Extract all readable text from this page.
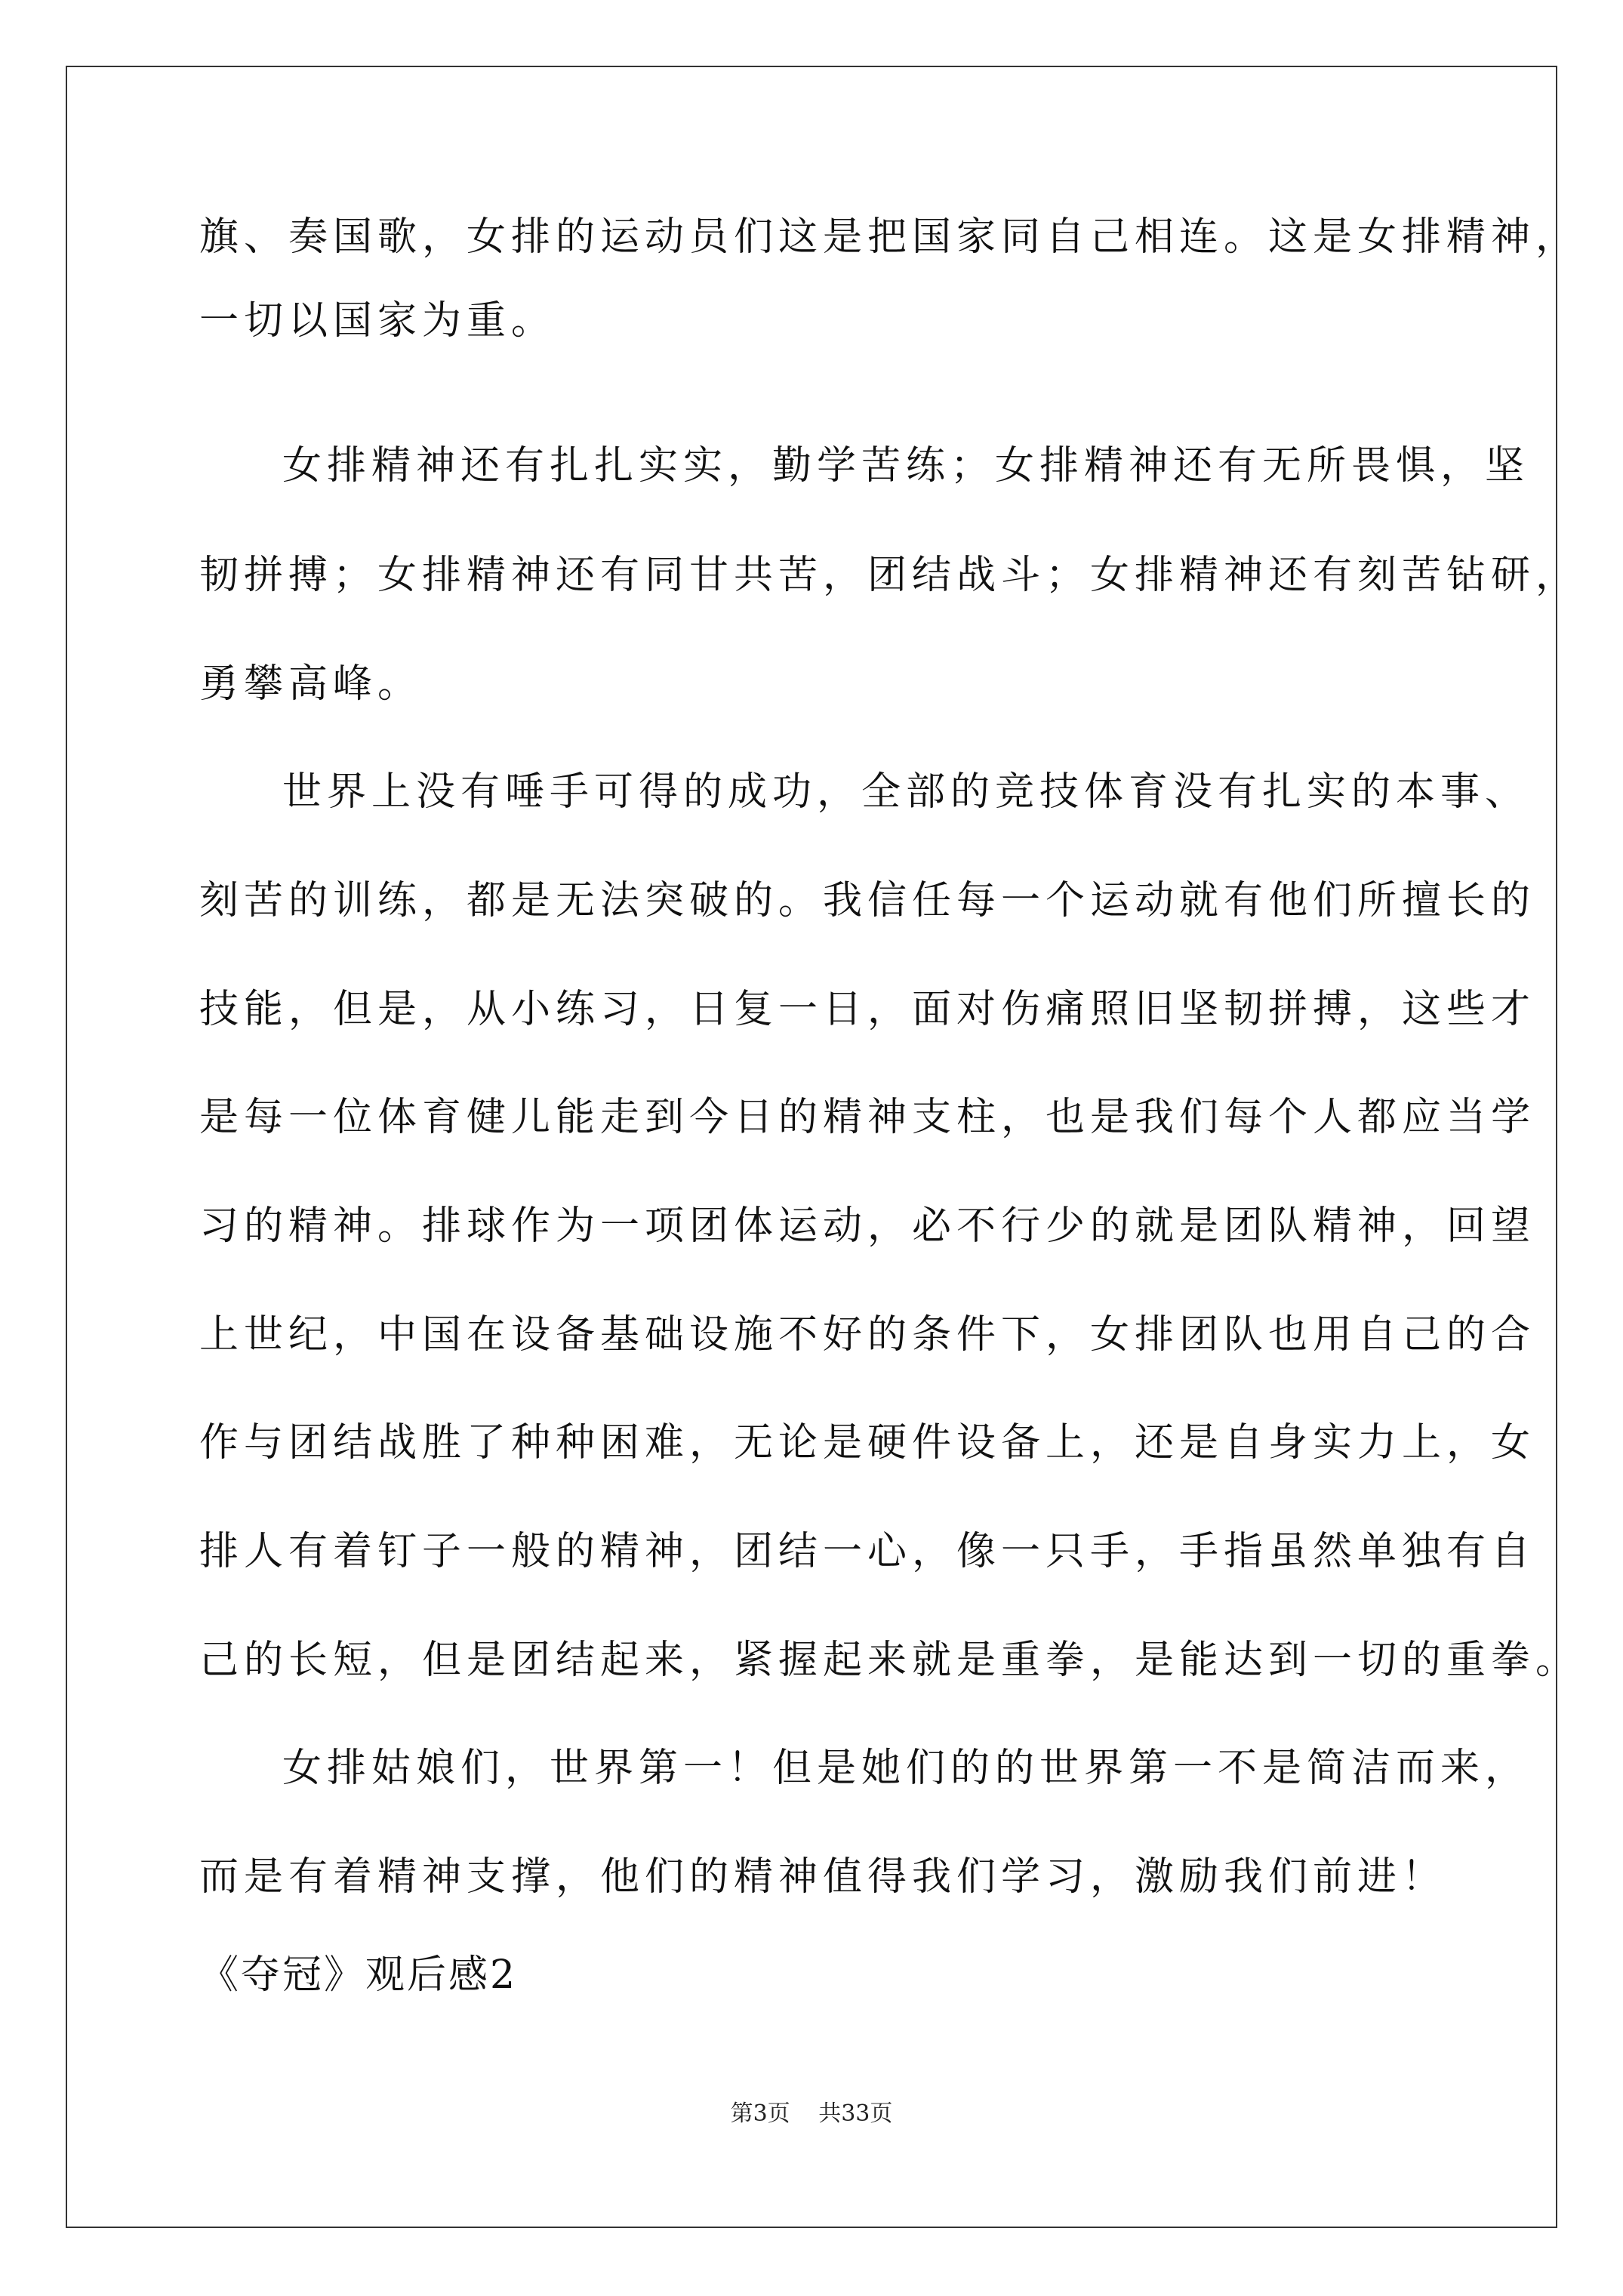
旗、奏国歌，女排的运动员们这是把国家同自己相连。这是女排精神，
一切以国家为重。
女排精神还有扎扎实实，勤学苦练；女排精神还有无所畏惧，坚
韧拼搏；女排精神还有同甘共苦，团结战斗；女排精神还有刻苦钻研，
勇攀高峰。
世界上没有唾手可得的成功，全部的竞技体育没有扎实的本事、
刻苦的训练，都是无法突破的。我信任每一个运动就有他们所擅长的
技能，但是，从小练习，日复一日，面对伤痛照旧坚韧拼搏，这些才
是每一位体育健儿能走到今日的精神支柱，也是我们每个人都应当学
习的精神。排球作为一项团体运动，必不行少的就是团队精神，回望
上世纪，中国在设备基础设施不好的条件下，女排团队也用自己的合
作与团结战胜了种种困难，无论是硬件设备上，还是自身实力上，女
排人有着钉子一般的精神，团结一心，像一只手，手指虽然单独有自
己的长短，但是团结起来，紧握起来就是重拳，是能达到一切的重拳。
女排姑娘们，世界第一！但是她们的的世界第一不是简洁而来，
而是有着精神支撑，他们的精神值得我们学习，激励我们前进！
《夺冠》观后感2
第3页 共33页
